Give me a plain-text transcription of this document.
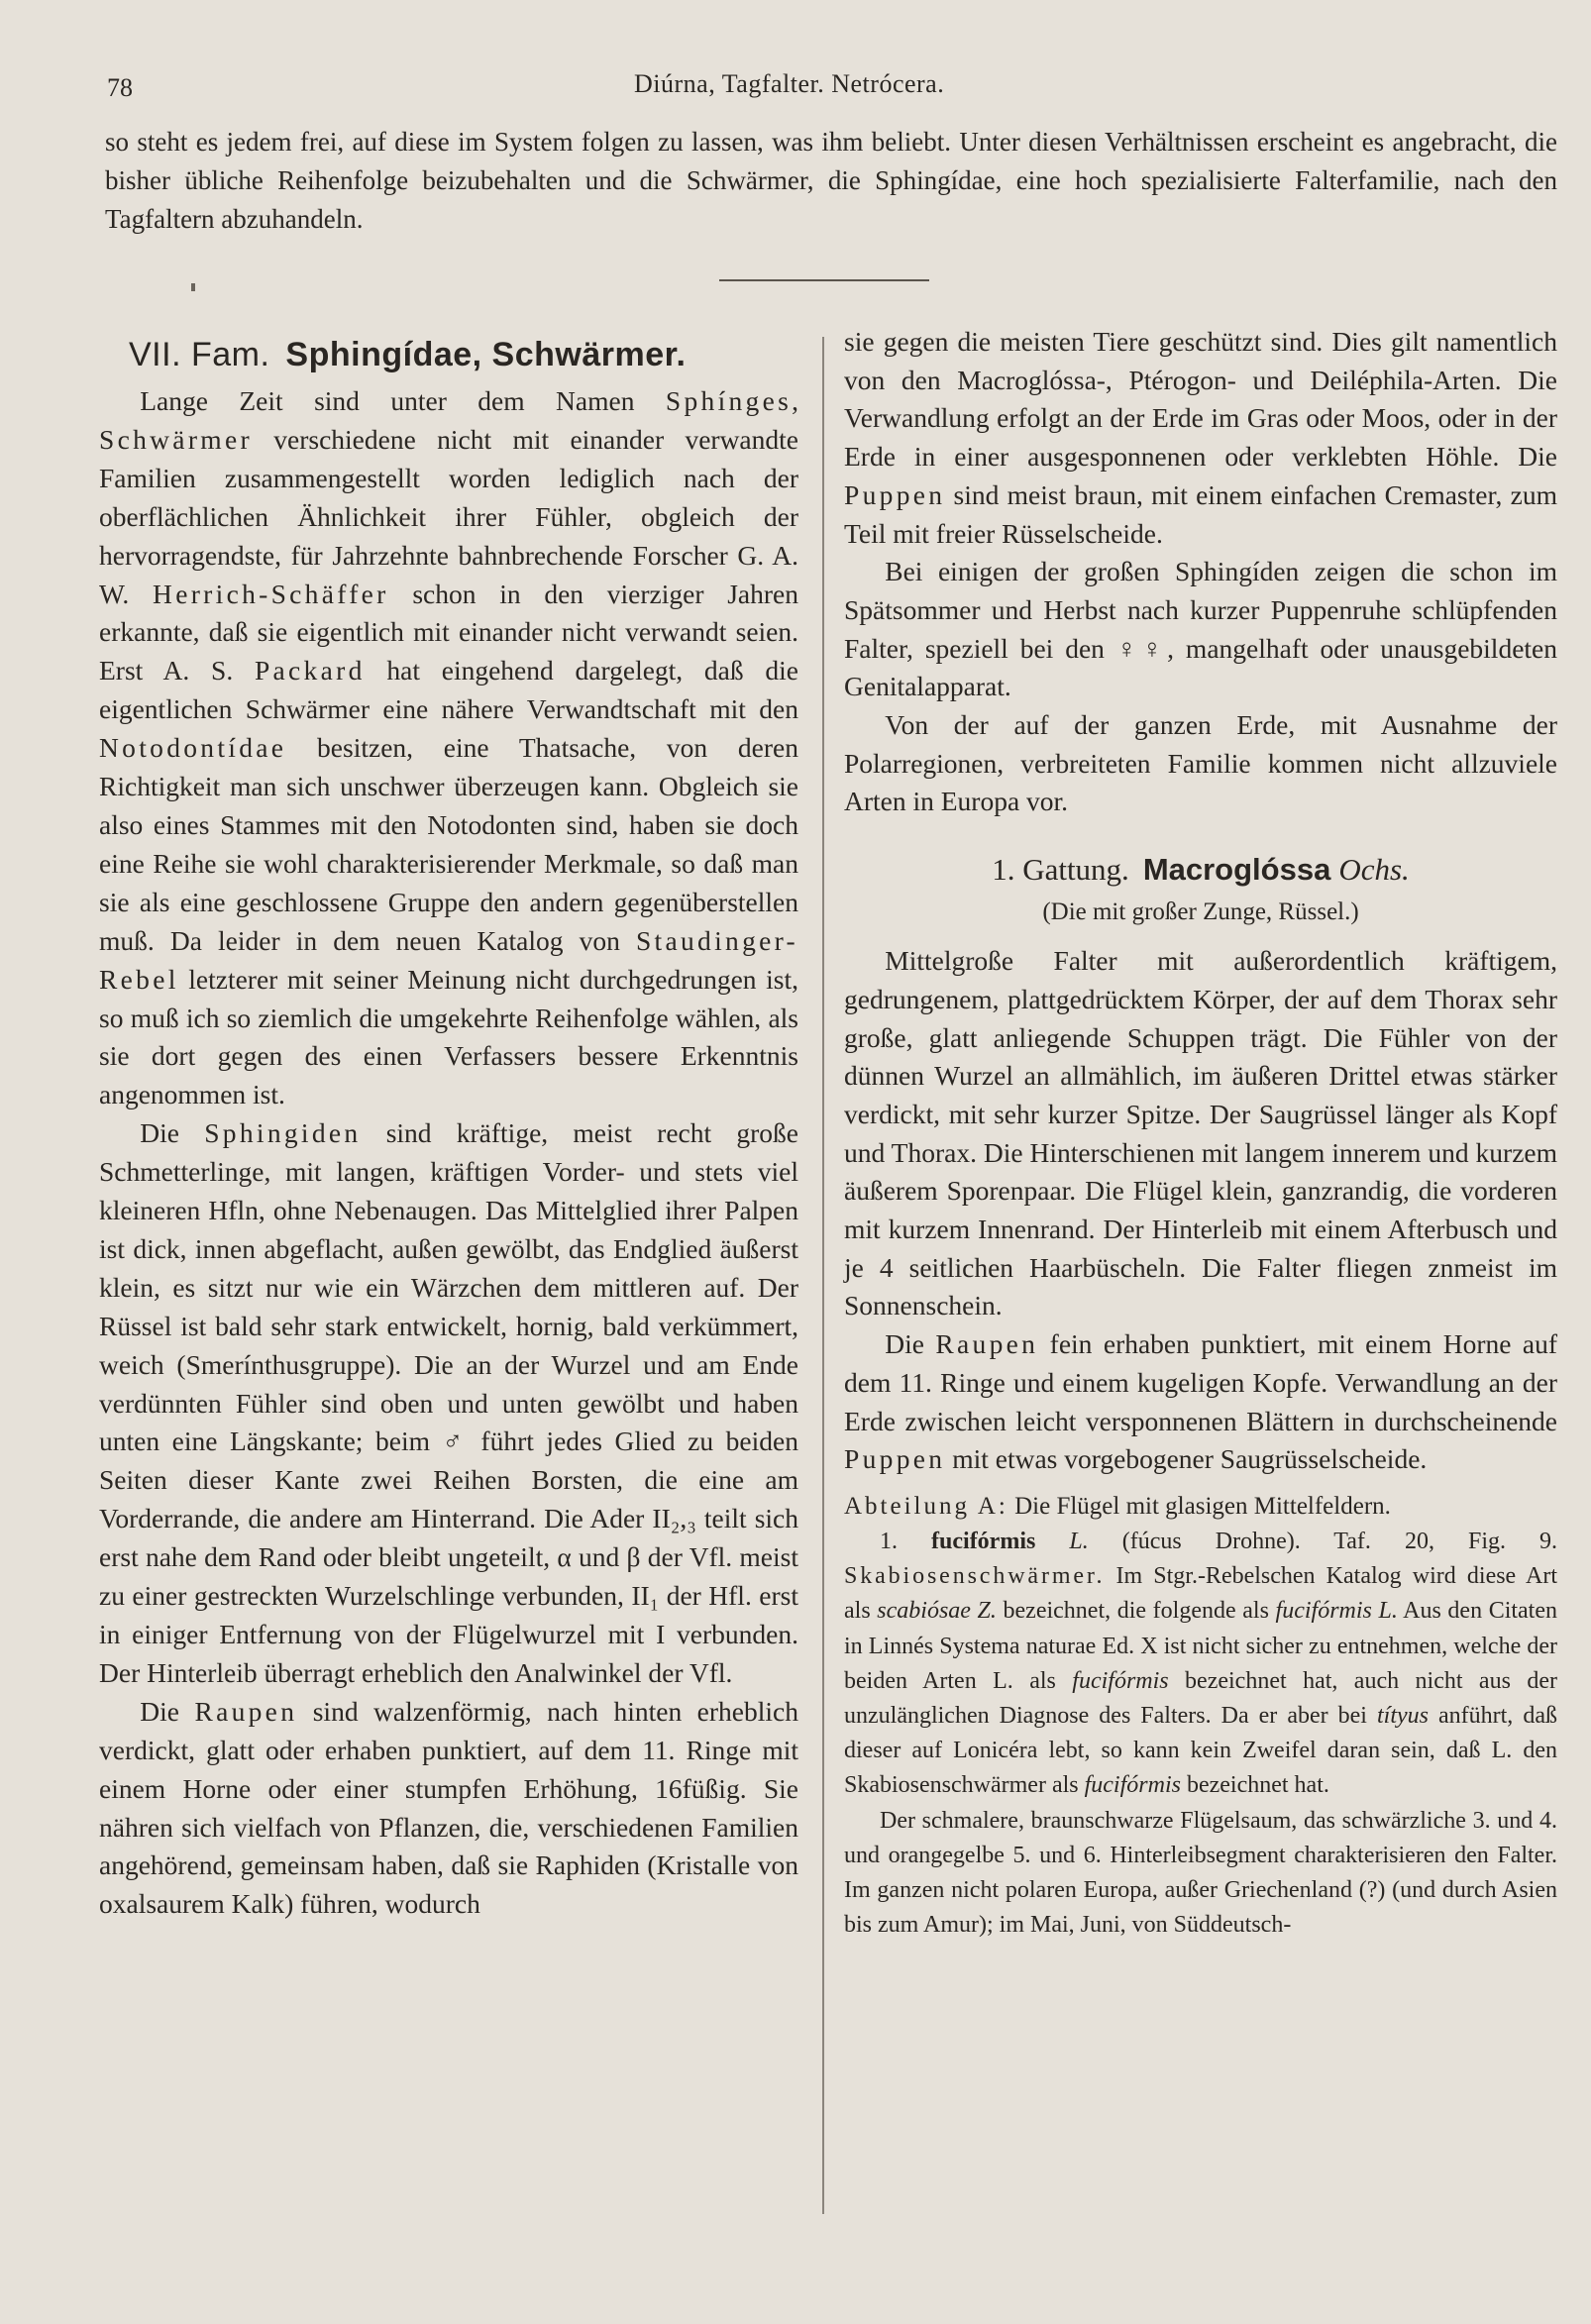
78	Diúrna, Tagfalter. Netrócera.

so steht es jedem frei, auf diese im System folgen zu lassen, was ihm beliebt. Unter diesen Verhältnissen erscheint es angebracht, die bisher übliche Reihenfolge beizubehalten und die Schwärmer, die Sphingídae, eine hoch spezialisierte Falterfamilie, nach den Tagfaltern abzuhandeln.

VII. Fam. Sphingídae, Schwärmer.

Lange Zeit sind unter dem Namen Sphínges, Schwärmer verschiedene nicht mit einander verwandte Familien zusammengestellt worden lediglich nach der oberflächlichen Ähnlichkeit ihrer Fühler, obgleich der hervorragendste, für Jahrzehnte bahnbrechende Forscher G. A. W. Herrich-Schäffer schon in den vierziger Jahren erkannte, daß sie eigentlich mit einander nicht verwandt seien. Erst A. S. Packard hat eingehend dargelegt, daß die eigentlichen Schwärmer eine nähere Verwandtschaft mit den Notodontídae besitzen, eine Thatsache, von deren Richtigkeit man sich unschwer überzeugen kann. Obgleich sie also eines Stammes mit den Notodonten sind, haben sie doch eine Reihe sie wohl charakterisierender Merkmale, so daß man sie als eine geschlossene Gruppe den andern gegenüberstellen muß. Da leider in dem neuen Katalog von Staudinger-Rebel letzterer mit seiner Meinung nicht durchgedrungen ist, so muß ich so ziemlich die umgekehrte Reihenfolge wählen, als sie dort gegen des einen Verfassers bessere Erkenntnis angenommen ist.

Die Sphingiden sind kräftige, meist recht große Schmetterlinge, mit langen, kräftigen Vorder- und stets viel kleineren Hfln, ohne Nebenaugen. Das Mittelglied ihrer Palpen ist dick, innen abgeflacht, außen gewölbt, das Endglied äußerst klein, es sitzt nur wie ein Wärzchen dem mittleren auf. Der Rüssel ist bald sehr stark entwickelt, hornig, bald verkümmert, weich (Smerínthusgruppe). Die an der Wurzel und am Ende verdünnten Fühler sind oben und unten gewölbt und haben unten eine Längskante; beim ♂ führt jedes Glied zu beiden Seiten dieser Kante zwei Reihen Borsten, die eine am Vorderrande, die andere am Hinterrand. Die Ader II₂,₃ teilt sich erst nahe dem Rand oder bleibt ungeteilt, α und β der Vfl. meist zu einer gestreckten Wurzelschlinge verbunden, II₁ der Hfl. erst in einiger Entfernung von der Flügelwurzel mit I verbunden. Der Hinterleib überragt erheblich den Analwinkel der Vfl.

Die Raupen sind walzenförmig, nach hinten erheblich verdickt, glatt oder erhaben punktiert, auf dem 11. Ringe mit einem Horne oder einer stumpfen Erhöhung, 16füßig. Sie nähren sich vielfach von Pflanzen, die, verschiedenen Familien angehörend, gemeinsam haben, daß sie Raphiden (Kristalle von oxalsaurem Kalk) führen, wodurch

sie gegen die meisten Tiere geschützt sind. Dies gilt namentlich von den Macroglóssa-, Ptérogon- und Deiléphila-Arten. Die Verwandlung erfolgt an der Erde im Gras oder Moos, oder in der Erde in einer ausgesponnenen oder verklebten Höhle. Die Puppen sind meist braun, mit einem einfachen Cremaster, zum Teil mit freier Rüsselscheide.

Bei einigen der großen Sphingíden zeigen die schon im Spätsommer und Herbst nach kurzer Puppenruhe schlüpfenden Falter, speziell bei den ♀♀, mangelhaft oder unausgebildeten Genitalapparat.

Von der auf der ganzen Erde, mit Ausnahme der Polarregionen, verbreiteten Familie kommen nicht allzuviele Arten in Europa vor.

1. Gattung. Macroglóssa Ochs.
(Die mit großer Zunge, Rüssel.)

Mittelgroße Falter mit außerordentlich kräftigem, gedrungenem, plattgedrücktem Körper, der auf dem Thorax sehr große, glatt anliegende Schuppen trägt. Die Fühler von der dünnen Wurzel an allmählich, im äußeren Drittel etwas stärker verdickt, mit sehr kurzer Spitze. Der Saugrüssel länger als Kopf und Thorax. Die Hinterschienen mit langem innerem und kurzem äußerem Sporenpaar. Die Flügel klein, ganzrandig, die vorderen mit kurzem Innenrand. Der Hinterleib mit einem Afterbusch und je 4 seitlichen Haarbüscheln. Die Falter fliegen znmeist im Sonnenschein.

Die Raupen fein erhaben punktiert, mit einem Horne auf dem 11. Ringe und einem kugeligen Kopfe. Verwandlung an der Erde zwischen leicht versponnenen Blättern in durchscheinende Puppen mit etwas vorgebogener Saugrüsselscheide.

Abteilung A: Die Flügel mit glasigen Mittelfeldern.

1. fucifórmis L. (fúcus Drohne). Taf. 20, Fig. 9. Skabiosenschwärmer. Im Stgr.-Rebelschen Katalog wird diese Art als scabiósae Z. bezeichnet, die folgende als fucifórmis L. Aus den Citaten in Linnés Systema naturae Ed. X ist nicht sicher zu entnehmen, welche der beiden Arten L. als fucifórmis bezeichnet hat, auch nicht aus der unzulänglichen Diagnose des Falters. Da er aber bei títyus anführt, daß dieser auf Lonicéra lebt, so kann kein Zweifel daran sein, daß L. den Skabiosenschwärmer als fucifórmis bezeichnet hat.

Der schmalere, braunschwarze Flügelsaum, das schwärzliche 3. und 4. und orangegelbe 5. und 6. Hinterleibsegment charakterisieren den Falter. Im ganzen nicht polaren Europa, außer Griechenland (?) (und durch Asien bis zum Amur); im Mai, Juni, von Süddeutsch-
